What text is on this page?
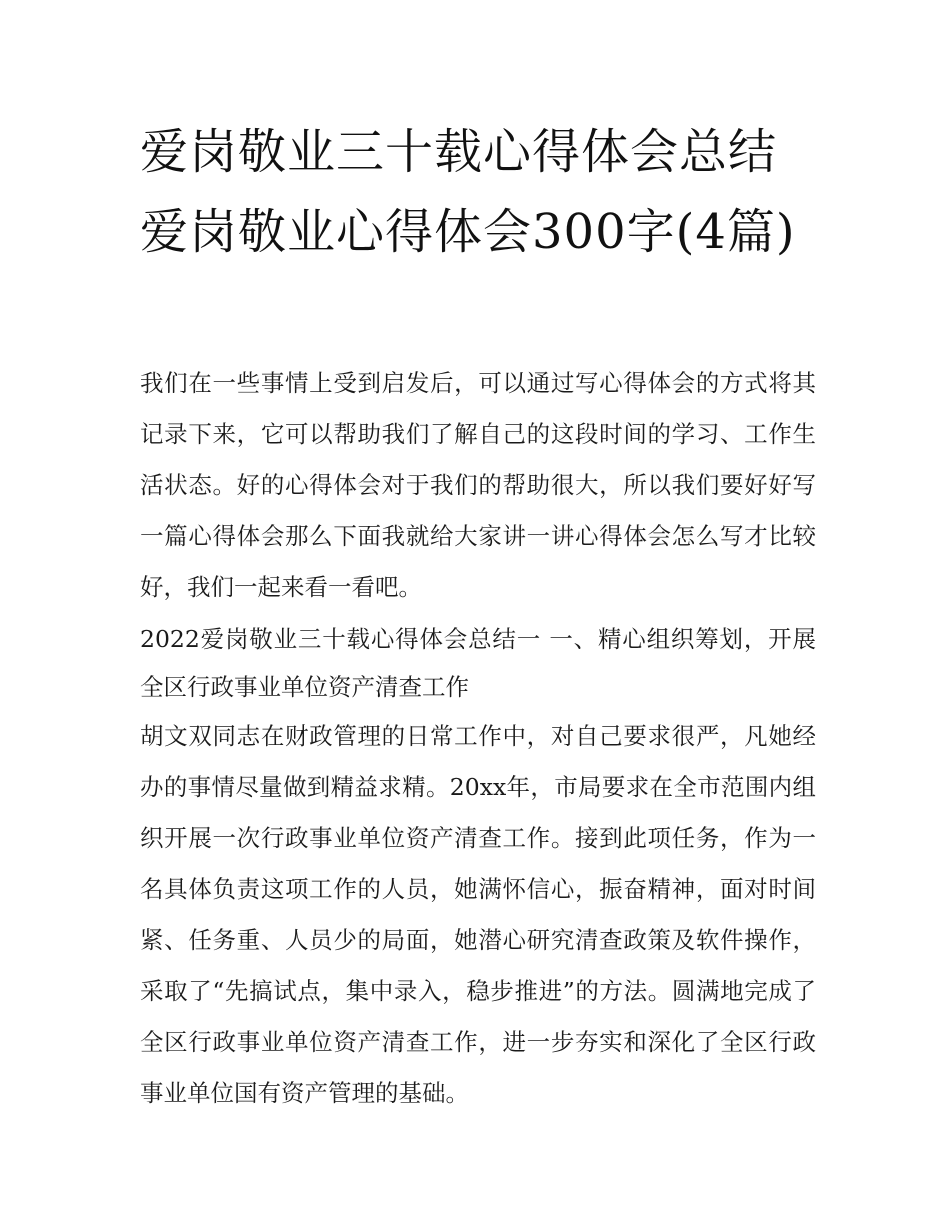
爱岗敬业三十载心得体会总结爱岗敬业心得体会300字(4篇)

我们在一些事情上受到启发后，可以通过写心得体会的方式将其记录下来，它可以帮助我们了解自己的这段时间的学习、工作生活状态。好的心得体会对于我们的帮助很大，所以我们要好好写一篇心得体会那么下面我就给大家讲一讲心得体会怎么写才比较好，我们一起来看一看吧。

2022爱岗敬业三十载心得体会总结一 一、精心组织筹划，开展全区行政事业单位资产清查工作

胡文双同志在财政管理的日常工作中，对自己要求很严，凡她经办的事情尽量做到精益求精。20xx年，市局要求在全市范围内组织开展一次行政事业单位资产清查工作。接到此项任务，作为一名具体负责这项工作的人员，她满怀信心，振奋精神，面对时间紧、任务重、人员少的局面，她潜心研究清查政策及软件操作，采取了“先搞试点，集中录入，稳步推进”的方法。圆满地完成了全区行政事业单位资产清查工作，进一步夯实和深化了全区行政事业单位国有资产管理的基础。
